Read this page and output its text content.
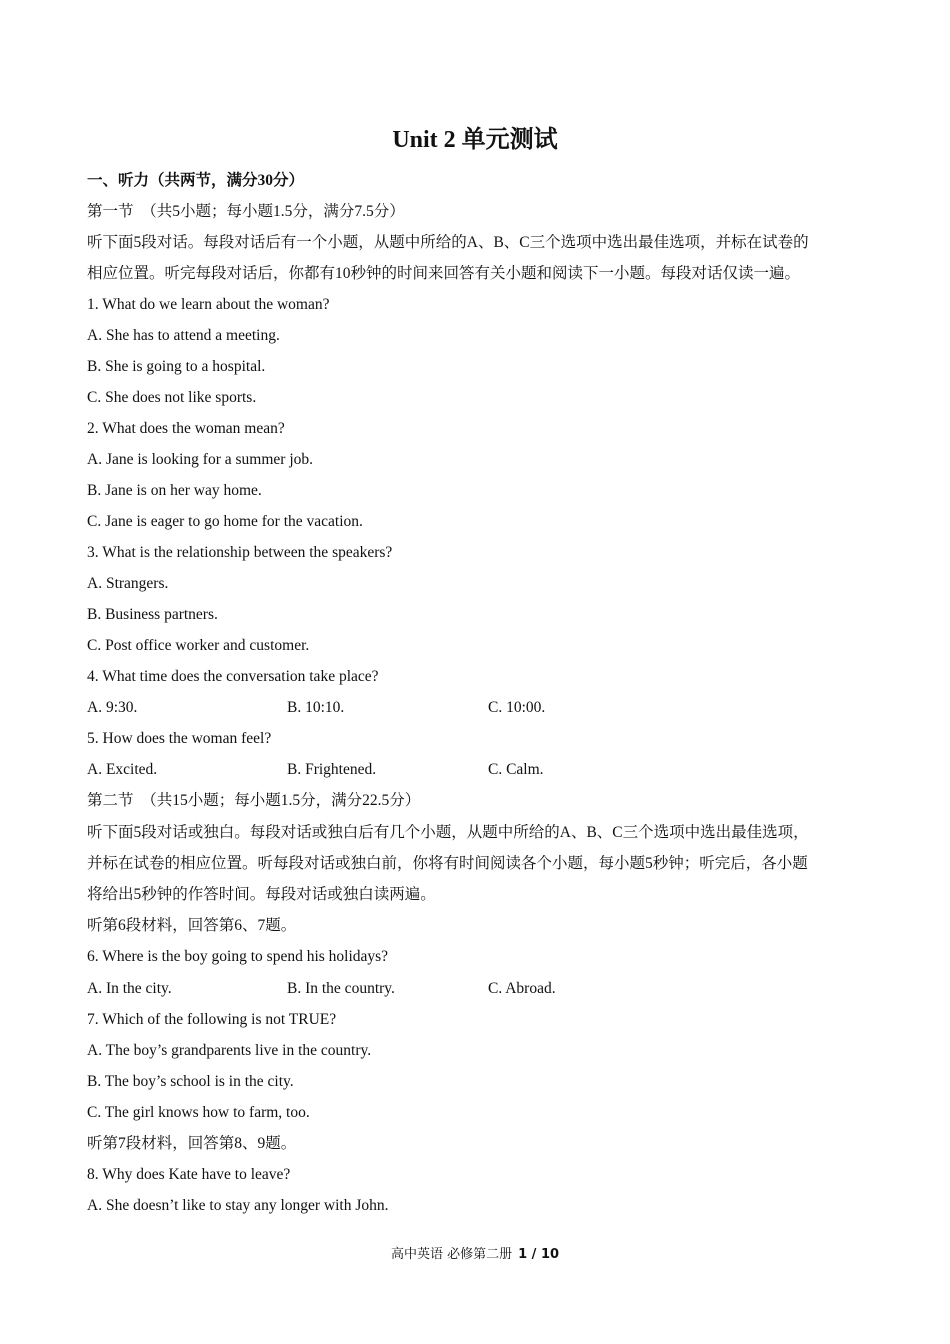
Unit 2 单元测试
一、听力（共两节，满分30分）
第一节　（共5小题；每小题1.5分，满分7.5分）
听下面5段对话。每段对话后有一个小题，从题中所给的A、B、C三个选项中选出最佳选项，并标在试卷的
相应位置。听完每段对话后，你都有10秒钟的时间来回答有关小题和阅读下一小题。每段对话仅读一遍。
1. What do we learn about the woman?
A. She has to attend a meeting.
B. She is going to a hospital.
C. She does not like sports.
2. What does the woman mean?
A. Jane is looking for a summer job.
B. Jane is on her way home.
C. Jane is eager to go home for the vacation.
3. What is the relationship between the speakers?
A. Strangers.
B. Business partners.
C. Post office worker and customer.
4. What time does the conversation take place?
A. 9:30.	B. 10:10.	C. 10:00.
5. How does the woman feel?
A. Excited.	B. Frightened.	C. Calm.
第二节　（共15小题；每小题1.5分，满分22.5分）
听下面5段对话或独白。每段对话或独白后有几个小题，从题中所给的A、B、C三个选项中选出最佳选项，
并标在试卷的相应位置。听每段对话或独白前，你将有时间阅读各个小题，每小题5秒钟；听完后，各小题
将给出5秒钟的作答时间。每段对话或独白读两遍。
听第6段材料，回答第6、7题。
6. Where is the boy going to spend his holidays?
A. In the city.	B. In the country.	C. Abroad.
7. Which of the following is not TRUE?
A. The boy’s grandparents live in the country.
B. The boy’s school is in the city.
C. The girl knows how to farm, too.
听第7段材料，回答第8、9题。
8. Why does Kate have to leave?
A. She doesn’t like to stay any longer with John.
高中英语 必修第二册 1 / 10
